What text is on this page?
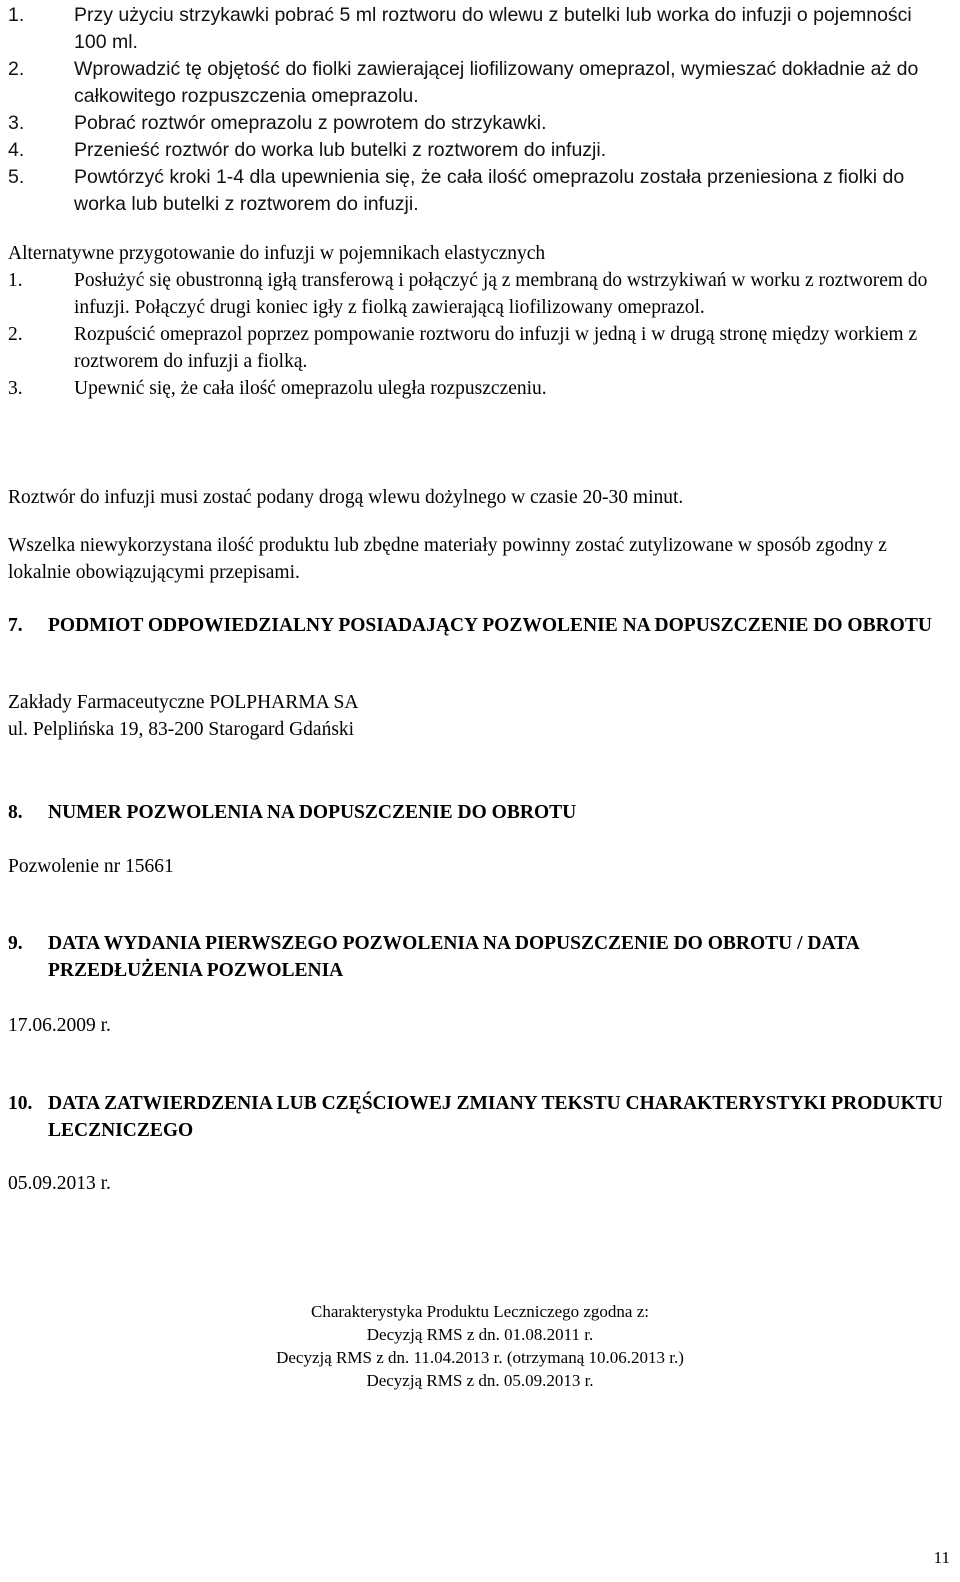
1.	Przy użyciu strzykawki pobrać 5 ml roztworu do wlewu z butelki lub worka do infuzji o pojemności 100 ml.
2.	Wprowadzić tę objętość do fiolki zawierającej liofilizowany omeprazol, wymieszać dokładnie aż do całkowitego rozpuszczenia omeprazolu.
3.	Pobrać roztwór omeprazolu z powrotem do strzykawki.
4.	Przenieść roztwór do worka lub butelki z roztworem do infuzji.
5.	Powtórzyć kroki 1-4 dla upewnienia się, że cała ilość omeprazolu została przeniesiona z fiolki do worka lub butelki z roztworem do infuzji.
Alternatywne przygotowanie do infuzji w pojemnikach elastycznych
1.	Posłużyć się obustronną igłą transferową i połączyć ją z membraną do wstrzykiwań w worku z roztworem do infuzji. Połączyć drugi koniec igły z fiolką zawierającą liofilizowany omeprazol.
2.	Rozpuścić omeprazol poprzez pompowanie roztworu do infuzji w jedną i w drugą stronę między workiem z roztworem do infuzji a fiolką.
3.	Upewnić się, że cała ilość omeprazolu uległa rozpuszczeniu.
Roztwór do infuzji musi zostać podany drogą wlewu dożylnego w czasie 20-30 minut.
Wszelka niewykorzystana ilość produktu lub zbędne materiały powinny zostać zutylizowane w sposób zgodny z lokalnie obowiązującymi przepisami.
7.	PODMIOT ODPOWIEDZIALNY POSIADAJĄCY POZWOLENIE NA DOPUSZCZENIE DO OBROTU
Zakłady Farmaceutyczne POLPHARMA SA
ul. Pelplińska 19, 83-200 Starogard Gdański
8.	NUMER POZWOLENIA NA DOPUSZCZENIE DO OBROTU
Pozwolenie nr 15661
9.	DATA WYDANIA PIERWSZEGO POZWOLENIA NA DOPUSZCZENIE DO OBROTU / DATA PRZEDŁUŻENIA POZWOLENIA
17.06.2009 r.
10. DATA ZATWIERDZENIA LUB CZĘŚCIOWEJ ZMIANY TEKSTU CHARAKTERYSTYKI PRODUKTU LECZNICZEGO
05.09.2013 r.
Charakterystyka Produktu Leczniczego zgodna z:
Decyzją RMS z dn. 01.08.2011 r.
Decyzją RMS z dn. 11.04.2013 r. (otrzymaną 10.06.2013 r.)
Decyzją RMS z dn. 05.09.2013 r.
11
